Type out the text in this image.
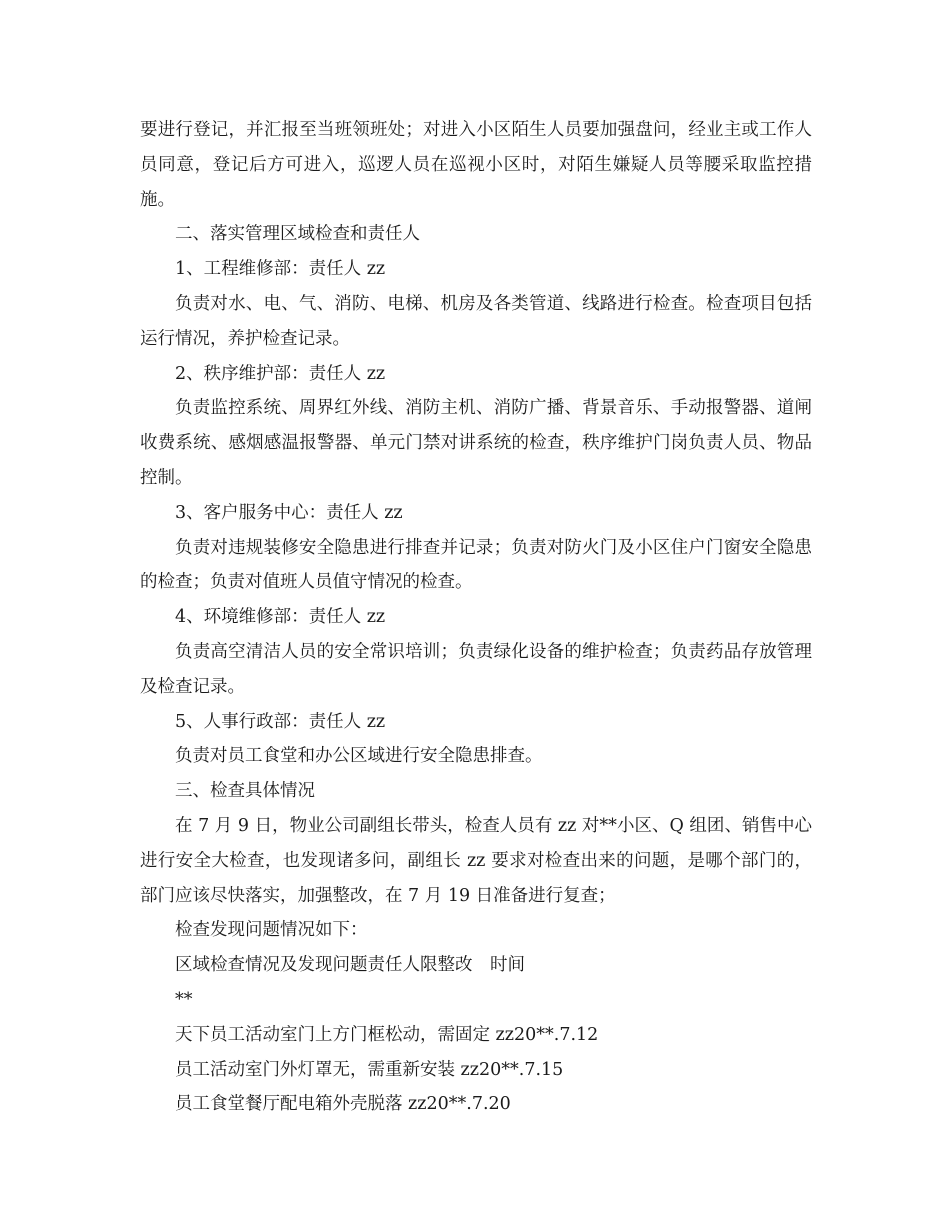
要进行登记，并汇报至当班领班处；对进入小区陌生人员要加强盘问，经业主或工作人员同意，登记后方可进入，巡逻人员在巡视小区时，对陌生嫌疑人员等腰采取监控措施。

二、落实管理区域检查和责任人

1、工程维修部：责任人 zz

负责对水、电、气、消防、电梯、机房及各类管道、线路进行检查。检查项目包括运行情况，养护检查记录。

2、秩序维护部：责任人 zz

负责监控系统、周界红外线、消防主机、消防广播、背景音乐、手动报警器、道闸收费系统、感烟感温报警器、单元门禁对讲系统的检查，秩序维护门岗负责人员、物品控制。

3、客户服务中心：责任人 zz

负责对违规装修安全隐患进行排查并记录；负责对防火门及小区住户门窗安全隐患的检查；负责对值班人员值守情况的检查。

4、环境维修部：责任人 zz

负责高空清洁人员的安全常识培训；负责绿化设备的维护检查；负责药品存放管理及检查记录。

5、人事行政部：责任人 zz

负责对员工食堂和办公区域进行安全隐患排查。

三、检查具体情况

在 7 月 9 日，物业公司副组长带头，检查人员有 zz 对**小区、Q 组团、销售中心进行安全大检查，也发现诸多问，副组长 zz 要求对检查出来的问题，是哪个部门的，部门应该尽快落实，加强整改，在 7 月 19 日准备进行复查；

检查发现问题情况如下：

区域检查情况及发现问题责任人限整改　时间

**

天下员工活动室门上方门框松动，需固定 zz20**.7.12

员工活动室门外灯罩无，需重新安装 zz20**.7.15

员工食堂餐厅配电箱外壳脱落 zz20**.7.20
